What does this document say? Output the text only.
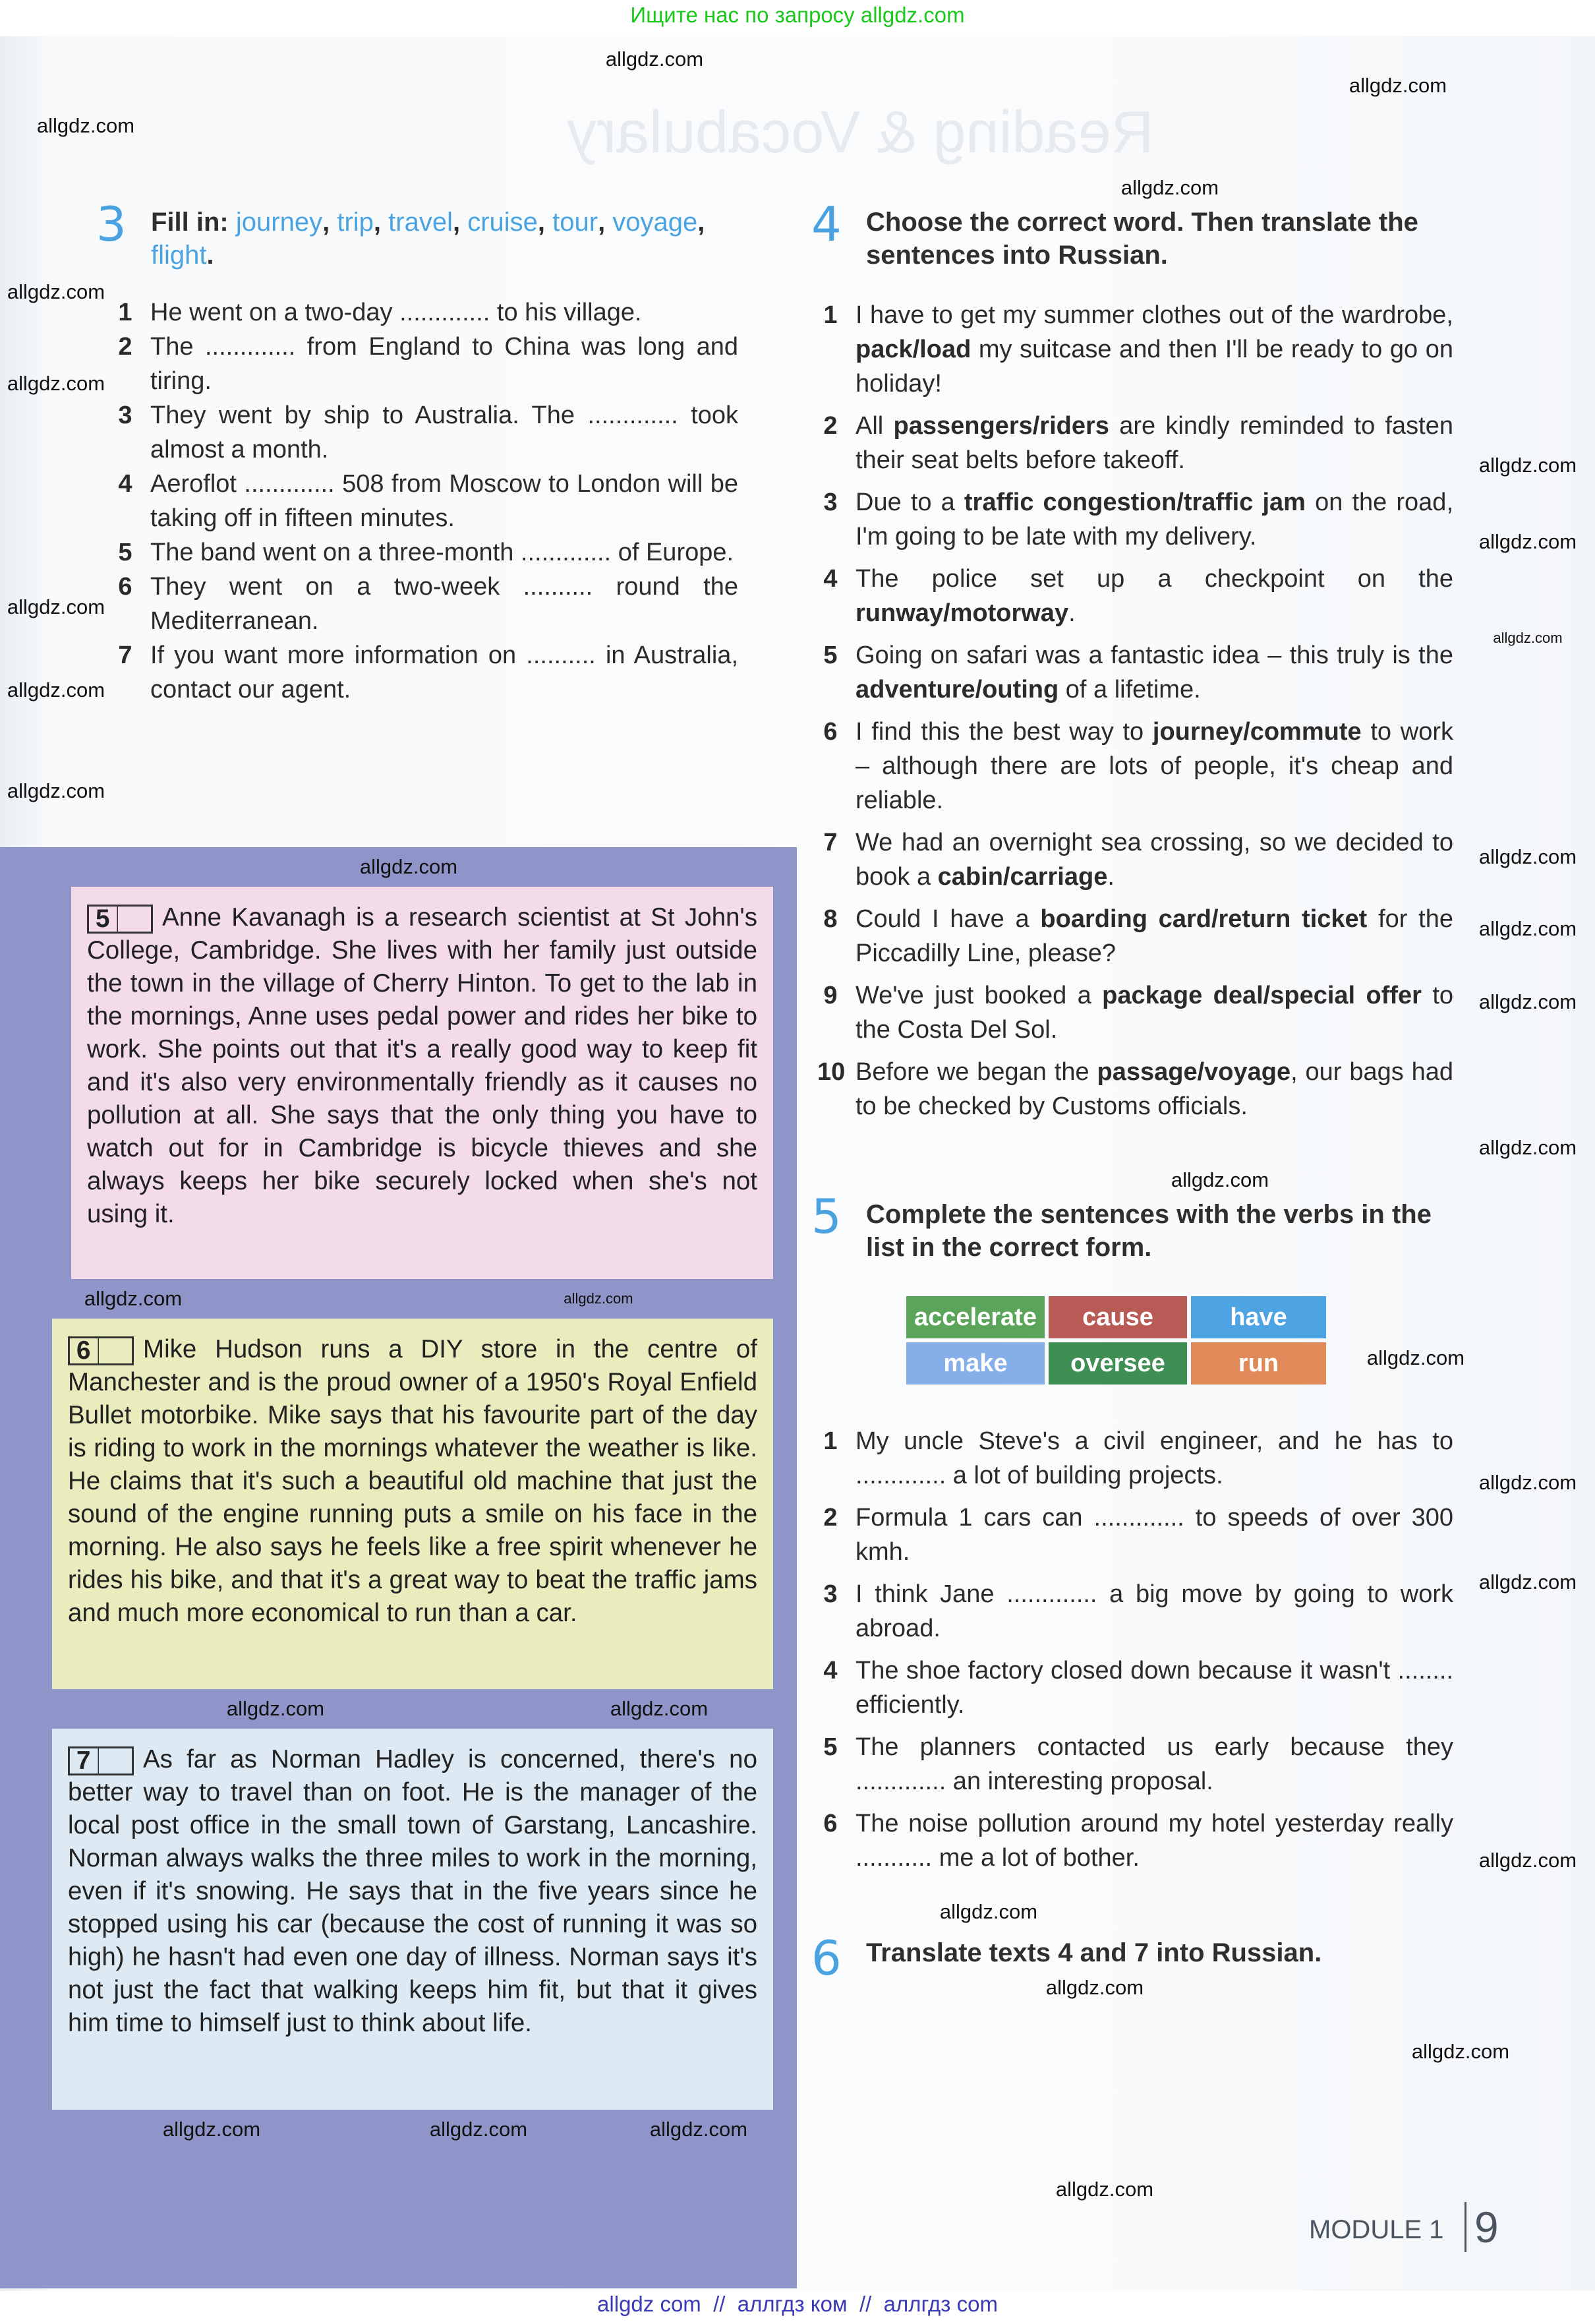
Ищите нас по запросу allgdz.com
Reading & Vocabulary
3 Fill in: journey, trip, travel, cruise, tour, voyage, flight.
1 He went on a two-day ............. to his village.
2 The ............. from England to China was long and tiring.
3 They went by ship to Australia. The ............. took almost a month.
4 Aeroflot ............. 508 from Moscow to London will be taking off in fifteen minutes.
5 The band went on a three-month ............. of Europe.
6 They went on a two-week .......... round the Mediterranean.
7 If you want more information on .......... in Australia, contact our agent.
allgdz.com
5 Anne Kavanagh is a research scientist at St John's College, Cambridge. She lives with her family just outside the town in the village of Cherry Hinton. To get to the lab in the mornings, Anne uses pedal power and rides her bike to work. She points out that it's a really good way to keep fit and it's also very environmentally friendly as it causes no pollution at all. She says that the only thing you have to watch out for in Cambridge is bicycle thieves and she always keeps her bike securely locked when she's not using it.
allgdz.com	allgdz.com
6 Mike Hudson runs a DIY store in the centre of Manchester and is the proud owner of a 1950's Royal Enfield Bullet motorbike. Mike says that his favourite part of the day is riding to work in the mornings whatever the weather is like. He claims that it's such a beautiful old machine that just the sound of the engine running puts a smile on his face in the morning. He also says he feels like a free spirit whenever he rides his bike, and that it's a great way to beat the traffic jams and much more economical to run than a car.
allgdz.com	allgdz.com
7 As far as Norman Hadley is concerned, there's no better way to travel than on foot. He is the manager of the local post office in the small town of Garstang, Lancashire. Norman always walks the three miles to work in the morning, even if it's snowing. He says that in the five years since he stopped using his car (because the cost of running it was so high) he hasn't had even one day of illness. Norman says it's not just the fact that walking keeps him fit, but that it gives him time to himself just to think about life.
allgdz.com	allgdz.com	allgdz.com
4 Choose the correct word. Then translate the sentences into Russian.
1 I have to get my summer clothes out of the wardrobe, pack/load my suitcase and then I'll be ready to go on holiday!
2 All passengers/riders are kindly reminded to fasten their seat belts before takeoff.
3 Due to a traffic congestion/traffic jam on the road, I'm going to be late with my delivery.
4 The police set up a checkpoint on the runway/motorway.
5 Going on safari was a fantastic idea – this truly is the adventure/outing of a lifetime.
6 I find this the best way to journey/commute to work – although there are lots of people, it's cheap and reliable.
7 We had an overnight sea crossing, so we decided to book a cabin/carriage.
8 Could I have a boarding card/return ticket for the Piccadilly Line, please?
9 We've just booked a package deal/special offer to the Costa Del Sol.
10 Before we began the passage/voyage, our bags had to be checked by Customs officials.
5 Complete the sentences with the verbs in the list in the correct form.
accelerate	cause	have
make	oversee	run
1 My uncle Steve's a civil engineer, and he has to ............. a lot of building projects.
2 Formula 1 cars can ............. to speeds of over 300 kmh.
3 I think Jane ............. a big move by going to work abroad.
4 The shoe factory closed down because it wasn't ........ efficiently.
5 The planners contacted us early because they ............. an interesting proposal.
6 The noise pollution around my hotel yesterday really ........... me a lot of bother.
6 Translate texts 4 and 7 into Russian.
MODULE 1 9
allgdz.com
allgdz.com
allgdz.com
allgdz.com
allgdz.com
allgdz.com
allgdz.com
allgdz.com
allgdz.com
allgdz.com
allgdz.com
allgdz.com
allgdz.com
allgdz.com
allgdz.com
allgdz.com
allgdz.com
allgdz.com
allgdz.com
allgdz.com
allgdz.com
allgdz.com
allgdz.com
allgdz.com
allgdz.com
allgdz com  //  аллгдз ком  //  аллгдз com
